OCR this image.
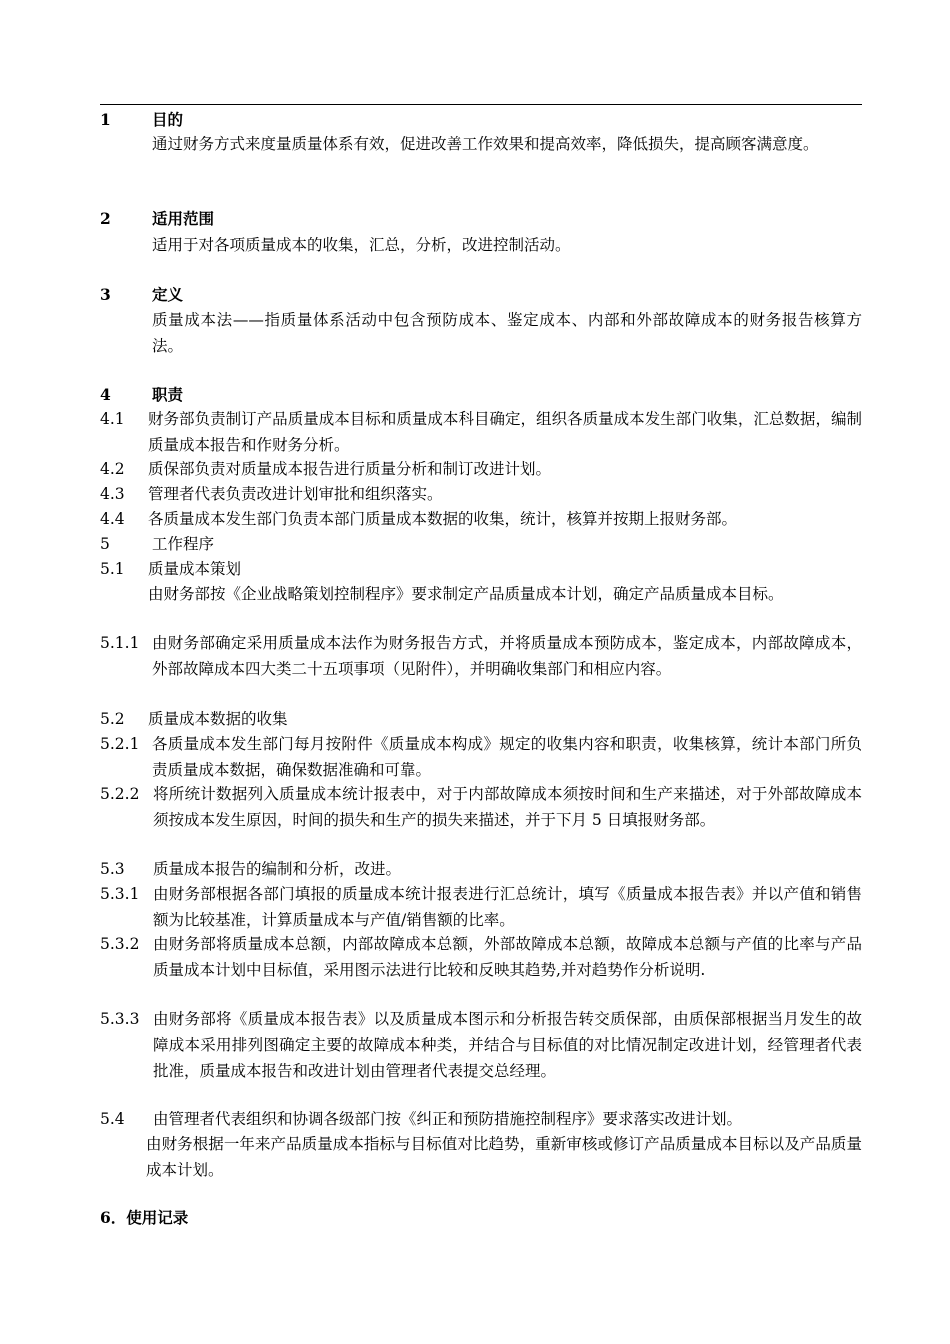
1	目的
通过财务方式来度量质量体系有效，促进改善工作效果和提高效率，降低损失，提高顾客满意度。
2	适用范围
适用于对各项质量成本的收集，汇总，分析，改进控制活动。
3	定义
质量成本法——指质量体系活动中包含预防成本、鉴定成本、内部和外部故障成本的财务报告核算方法。
4	职责
4.1 财务部负责制订产品质量成本目标和质量成本科目确定，组织各质量成本发生部门收集，汇总数据，编制质量成本报告和作财务分析。
4.2 质保部负责对质量成本报告进行质量分析和制订改进计划。
4.3 管理者代表负责改进计划审批和组织落实。
4.4 各质量成本发生部门负责本部门质量成本数据的收集，统计，核算并按期上报财务部。
5	工作程序
5.1 质量成本策划
由财务部按《企业战略策划控制程序》要求制定产品质量成本计划，确定产品质量成本目标。
5.1.1 由财务部确定采用质量成本法作为财务报告方式，并将质量成本预防成本，鉴定成本，内部故障成本，外部故障成本四大类二十五项事项（见附件），并明确收集部门和相应内容。
5.2 质量成本数据的收集
5.2.1 各质量成本发生部门每月按附件《质量成本构成》规定的收集内容和职责，收集核算，统计本部门所负责质量成本数据，确保数据准确和可靠。
5.2.2 将所统计数据列入质量成本统计报表中，对于内部故障成本须按时间和生产来描述，对于外部故障成本须按成本发生原因，时间的损失和生产的损失来描述，并于下月 5 日填报财务部。
5.3 质量成本报告的编制和分析，改进。
5.3.1 由财务部根据各部门填报的质量成本统计报表进行汇总统计，填写《质量成本报告表》并以产值和销售额为比较基准，计算质量成本与产值/销售额的比率。
5.3.2 由财务部将质量成本总额，内部故障成本总额，外部故障成本总额，故障成本总额与产值的比率与产品质量成本计划中目标值，采用图示法进行比较和反映其趋势,并对趋势作分析说明.
5.3.3 由财务部将《质量成本报告表》以及质量成本图示和分析报告转交质保部，由质保部根据当月发生的故障成本采用排列图确定主要的故障成本种类，并结合与目标值的对比情况制定改进计划，经管理者代表批准，质量成本报告和改进计划由管理者代表提交总经理。
5.4 由管理者代表组织和协调各级部门按《纠正和预防措施控制程序》要求落实改进计划。
由财务根据一年来产品质量成本指标与目标值对比趋势，重新审核或修订产品质量成本目标以及产品质量成本计划。
6．使用记录
